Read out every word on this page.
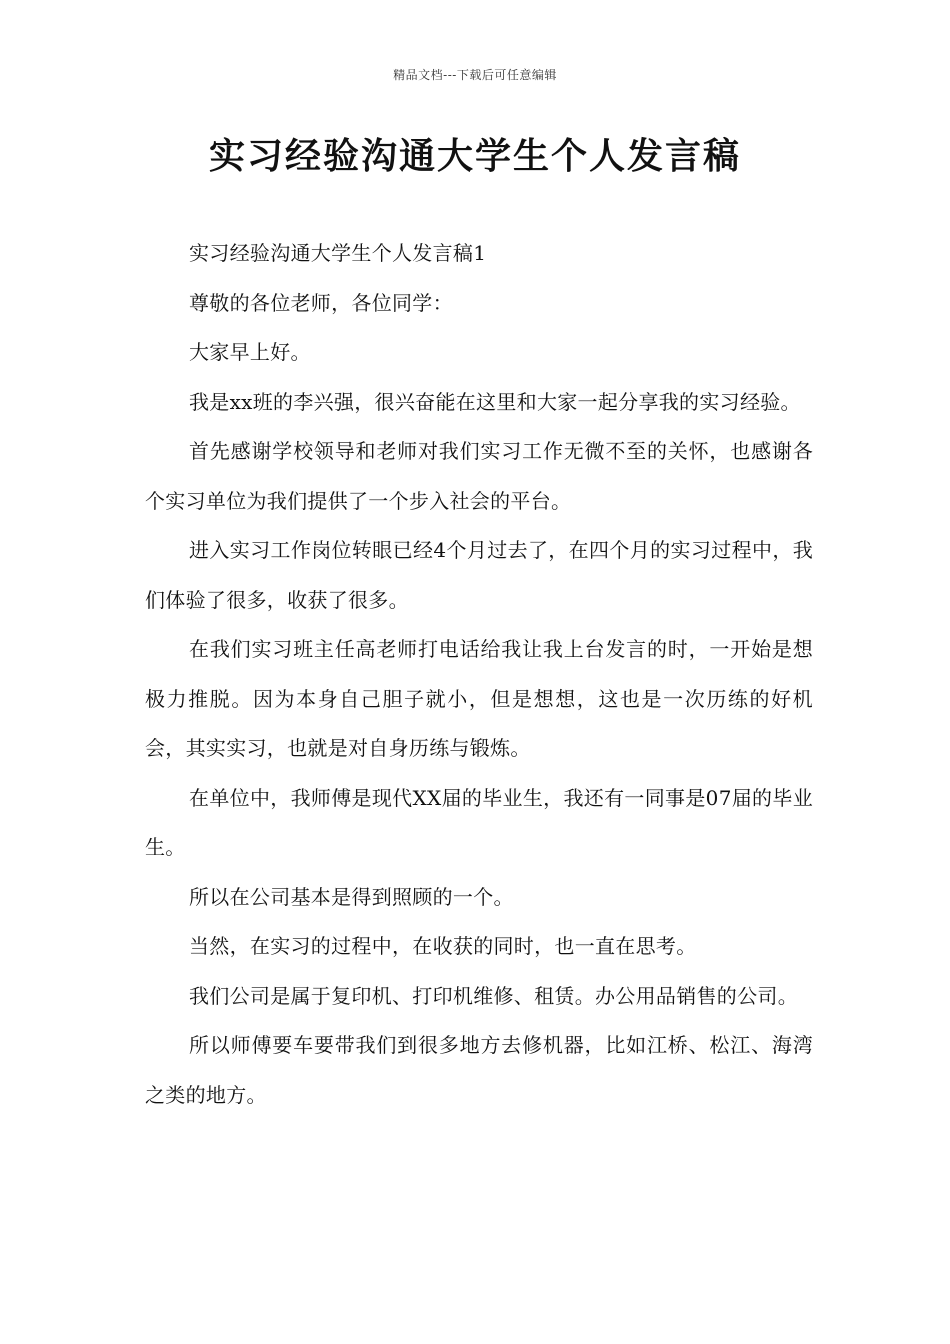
精品文档---下载后可任意编辑
实习经验沟通大学生个人发言稿

实习经验沟通大学生个人发言稿1

尊敬的各位老师，各位同学：

大家早上好。

我是xx班的李兴强，很兴奋能在这里和大家一起分享我的实习经验。

首先感谢学校领导和老师对我们实习工作无微不至的关怀，也感谢各个实习单位为我们提供了一个步入社会的平台。

进入实习工作岗位转眼已经4个月过去了，在四个月的实习过程中，我们体验了很多，收获了很多。

在我们实习班主任高老师打电话给我让我上台发言的时，一开始是想极力推脱。因为本身自己胆子就小，但是想想，这也是一次历练的好机会，其实实习，也就是对自身历练与锻炼。

在单位中，我师傅是现代XX届的毕业生，我还有一同事是07届的毕业生。

所以在公司基本是得到照顾的一个。

当然，在实习的过程中，在收获的同时，也一直在思考。

我们公司是属于复印机、打印机维修、租赁。办公用品销售的公司。

所以师傅要车要带我们到很多地方去修机器，比如江桥、松江、海湾之类的地方。
